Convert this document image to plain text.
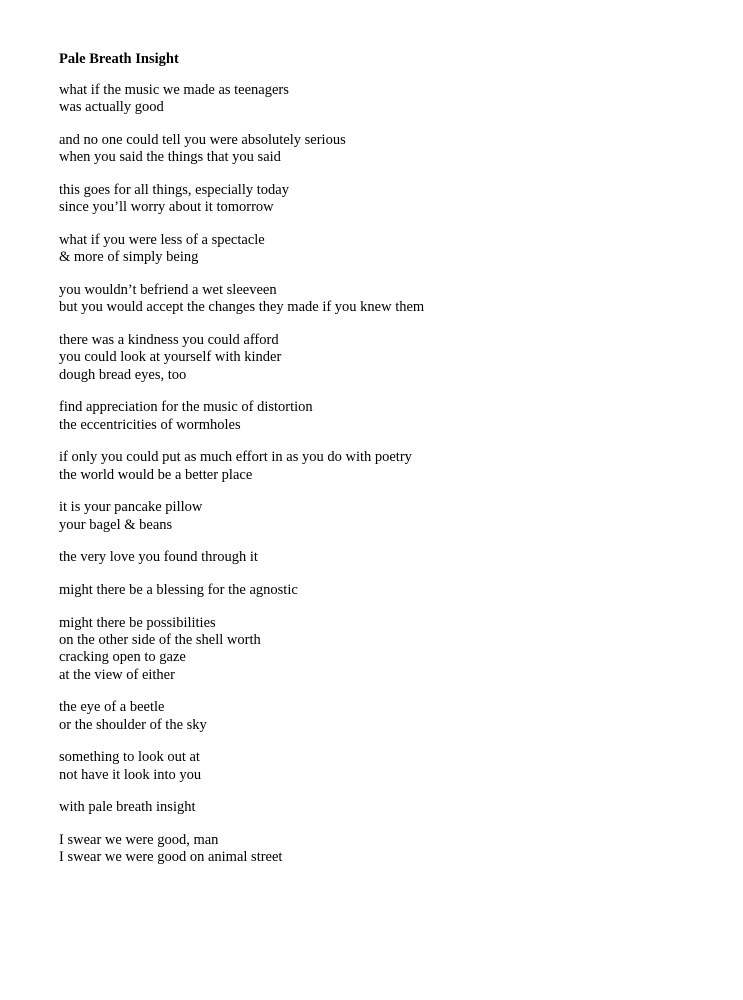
Pale Breath Insight
what if the music we made as teenagers
was actually good
and no one could tell you were absolutely serious
when you said the things that you said
this goes for all things, especially today
since you’ll worry about it tomorrow
what if you were less of a spectacle
& more of simply being
you wouldn’t befriend a wet sleeveen
but you would accept the changes they made if you knew them
there was a kindness you could afford
you could look at yourself with kinder
dough bread eyes, too
find appreciation for the music of distortion
the eccentricities of wormholes
if only you could put as much effort in as you do with poetry
the world would be a better place
it is your pancake pillow
your bagel & beans
the very love you found through it
might there be a blessing for the agnostic
might there be possibilities
on the other side of the shell worth
cracking open to gaze
at the view of either
the eye of a beetle
or the shoulder of the sky
something to look out at
not have it look into you
with pale breath insight
I swear we were good, man
I swear we were good on animal street
